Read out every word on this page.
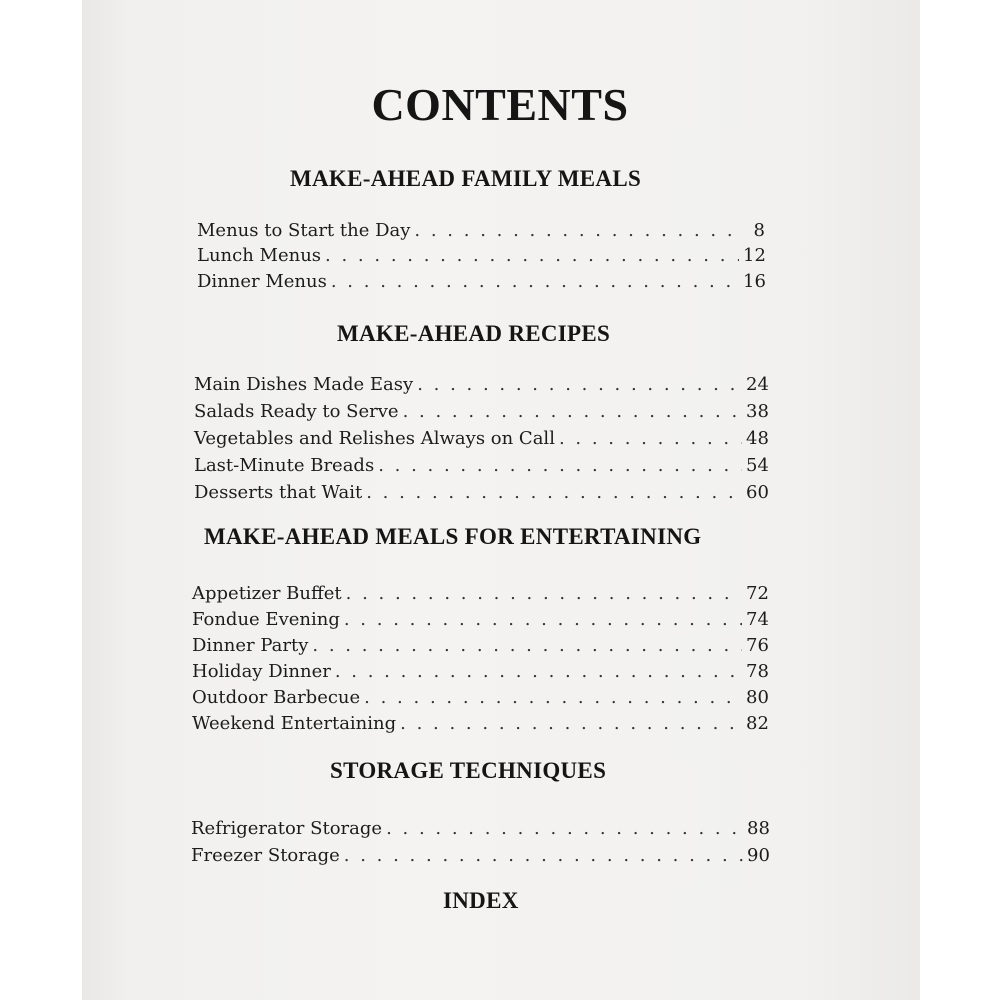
CONTENTS
MAKE-AHEAD FAMILY MEALS
Menus to Start the Day . . .	8
Lunch Menus . . .	12
Dinner Menus . . .	16
MAKE-AHEAD RECIPES
Main Dishes Made Easy . . .	24
Salads Ready to Serve . . .	38
Vegetables and Relishes Always on Call . . .	48
Last-Minute Breads . . .	54
Desserts that Wait . . .	60
MAKE-AHEAD MEALS FOR ENTERTAINING
Appetizer Buffet . . .	72
Fondue Evening . . .	74
Dinner Party . . .	76
Holiday Dinner . . .	78
Outdoor Barbecue . . .	80
Weekend Entertaining . . .	82
STORAGE TECHNIQUES
Refrigerator Storage . . .	88
Freezer Storage . . .	90
INDEX
